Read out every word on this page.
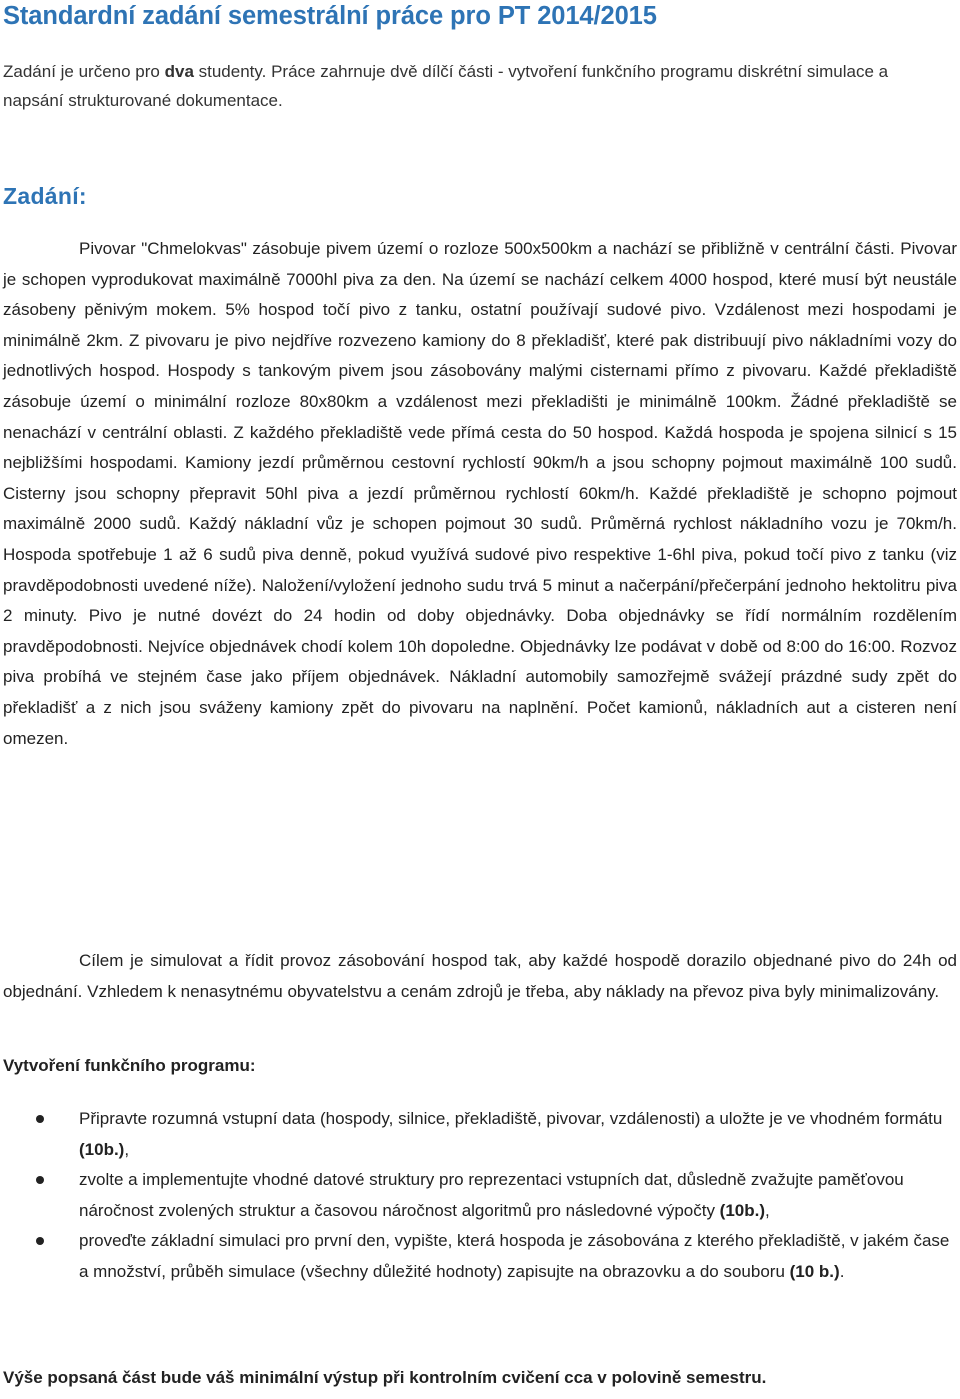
Standardní zadání semestrální práce pro PT 2014/2015

Zadání je určeno pro dva studenty. Práce zahrnuje dvě dílčí části - vytvoření funkčního programu diskrétní simulace a napsání strukturované dokumentace.

Zadání:

Pivovar "Chmelokvas" zásobuje pivem území o rozloze 500x500km a nachází se přibližně v centrální části. Pivovar je schopen vyprodukovat maximálně 7000hl piva za den. Na území se nachází celkem 4000 hospod, které musí být neustále zásobeny pěnivým mokem. 5% hospod točí pivo z tanku, ostatní používají sudové pivo. Vzdálenost mezi hospodami je minimálně 2km. Z pivovaru je pivo nejdříve rozvezeno kamiony do 8 překladišť, které pak distribuují pivo nákladními vozy do jednotlivých hospod. Hospody s tankovým pivem jsou zásobovány malými cisternami přímo z pivovaru. Každé překladiště zásobuje území o minimální rozloze 80x80km a vzdálenost mezi překladišti je minimálně 100km. Žádné překladiště se nenachází v centrální oblasti. Z každého překladiště vede přímá cesta do 50 hospod. Každá hospoda je spojena silnicí s 15 nejbližšími hospodami. Kamiony jezdí průměrnou cestovní rychlostí 90km/h a jsou schopny pojmout maximálně 100 sudů. Cisterny jsou schopny přepravit 50hl piva a jezdí průměrnou rychlostí 60km/h. Každé překladiště je schopno pojmout maximálně 2000 sudů. Každý nákladní vůz je schopen pojmout 30 sudů. Průměrná rychlost nákladního vozu je 70km/h. Hospoda spotřebuje 1 až 6 sudů piva denně, pokud využívá sudové pivo respektive 1-6hl piva, pokud točí pivo z tanku (viz pravděpodobnosti uvedené níže). Naložení/vyložení jednoho sudu trvá 5 minut a načerpání/přečerpání jednoho hektolitru piva 2 minuty. Pivo je nutné dovézt do 24 hodin od doby objednávky. Doba objednávky se řídí normálním rozdělením pravděpodobnosti. Nejvíce objednávek chodí kolem 10h dopoledne. Objednávky lze podávat v době od 8:00 do 16:00. Rozvoz piva probíhá ve stejném čase jako příjem objednávek. Nákladní automobily samozřejmě svážejí prázdné sudy zpět do překladišť a z nich jsou sváženy kamiony zpět do pivovaru na naplnění. Počet kamionů, nákladních aut a cisteren není omezen.

Cílem je simulovat a řídit provoz zásobování hospod tak, aby každé hospodě dorazilo objednané pivo do 24h od objednání. Vzhledem k nenasytnému obyvatelstvu a cenám zdrojů je třeba, aby náklady na převoz piva byly minimalizovány.

Vytvoření funkčního programu:
Připravte rozumná vstupní data (hospody, silnice, překladiště, pivovar, vzdálenosti) a uložte je ve vhodném formátu (10b.),
zvolte a implementujte vhodné datové struktury pro reprezentaci vstupních dat, důsledně zvažujte paměťovou náročnost zvolených struktur a časovou náročnost algoritmů pro následovné výpočty (10b.),
proveďte základní simulaci pro první den, vypište, která hospoda je zásobována z kterého překladiště, v jakém čase a množství, průběh simulace (všechny důležité hodnoty) zapisujte na obrazovku a do souboru (10 b.).

Výše popsaná část bude váš minimální výstup při kontrolním cvičení cca v polovině semestru.
